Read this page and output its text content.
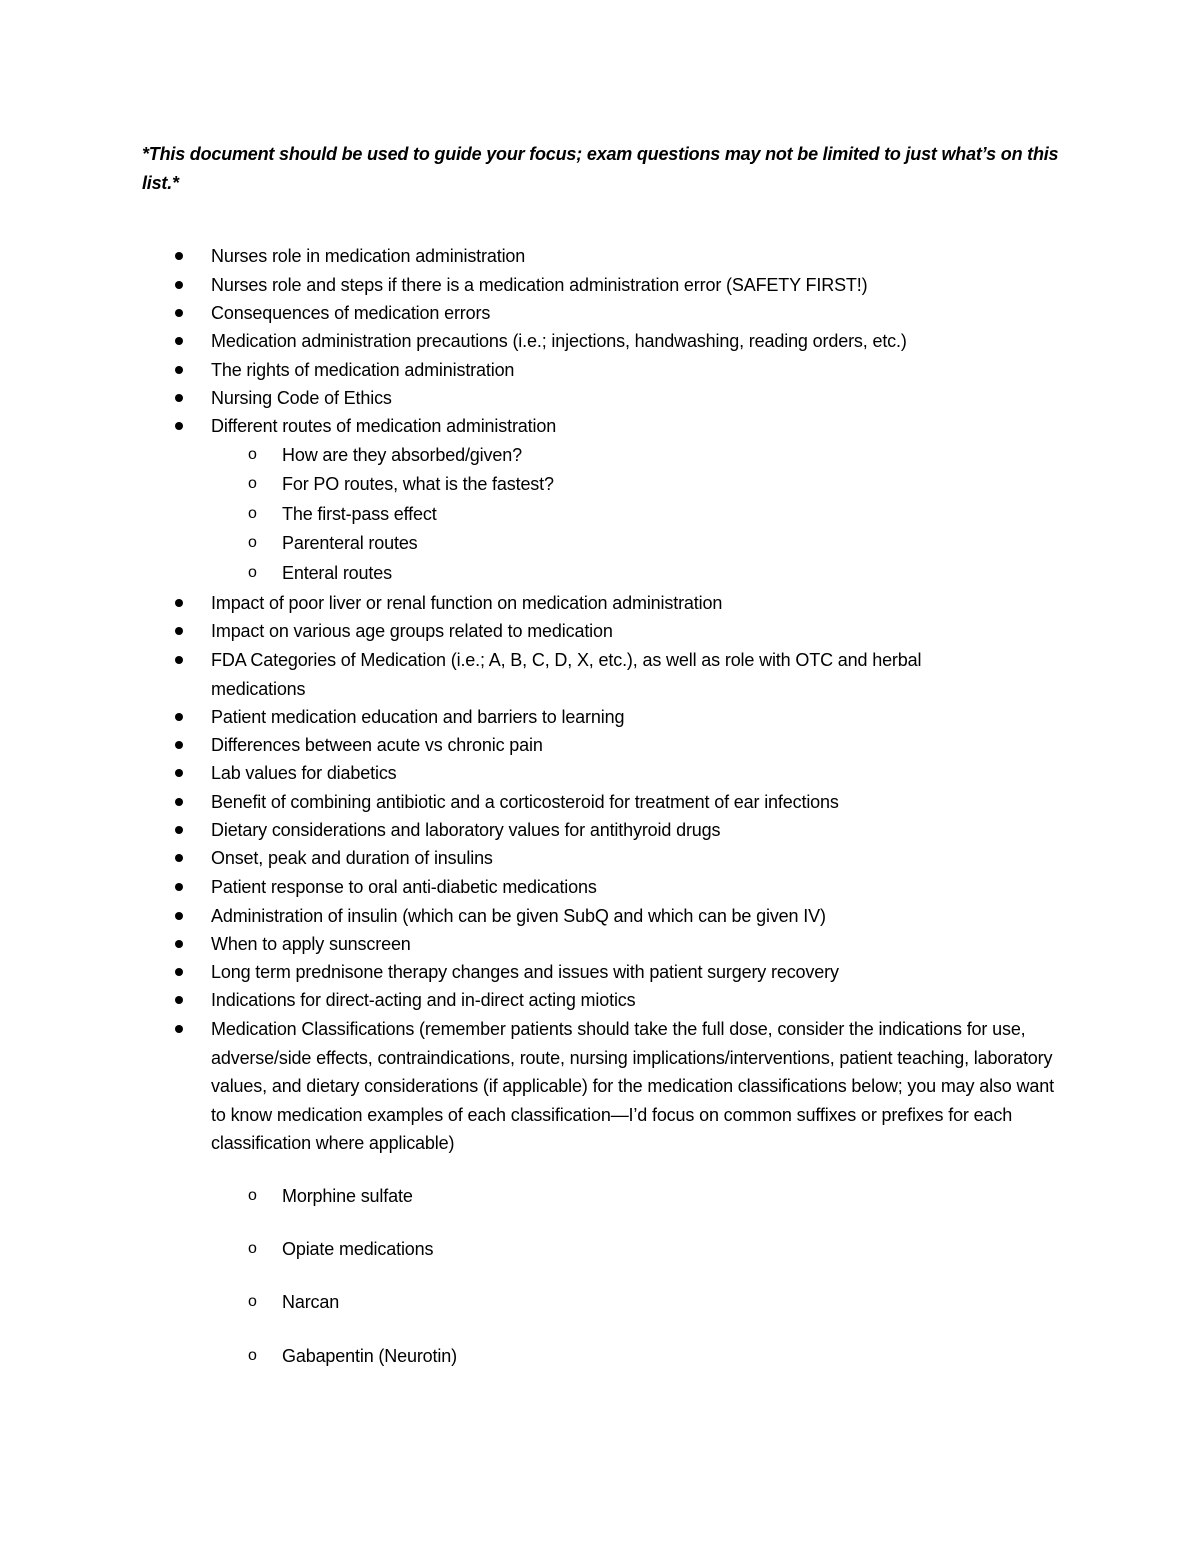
*This document should be used to guide your focus; exam questions may not be limited to just what’s on this list.*
Nurses role in medication administration
Nurses role and steps if there is a medication administration error (SAFETY FIRST!)
Consequences of medication errors
Medication administration precautions (i.e.; injections, handwashing, reading orders, etc.)
The rights of medication administration
Nursing Code of Ethics
Different routes of medication administration
o How are they absorbed/given?
o For PO routes, what is the fastest?
o The first-pass effect
o Parenteral routes
o Enteral routes
Impact of poor liver or renal function on medication administration
Impact on various age groups related to medication
FDA Categories of Medication (i.e.; A, B, C, D, X, etc.), as well as role with OTC and herbal medications
Patient medication education and barriers to learning
Differences between acute vs chronic pain
Lab values for diabetics
Benefit of combining antibiotic and a corticosteroid for treatment of ear infections
Dietary considerations and laboratory values for antithyroid drugs
Onset, peak and duration of insulins
Patient response to oral anti-diabetic medications
Administration of insulin (which can be given SubQ and which can be given IV)
When to apply sunscreen
Long term prednisone therapy changes and issues with patient surgery recovery
Indications for direct-acting and in-direct acting miotics
Medication Classifications (remember patients should take the full dose, consider the indications for use, adverse/side effects, contraindications, route, nursing implications/interventions, patient teaching, laboratory values, and dietary considerations (if applicable) for the medication classifications below; you may also want to know medication examples of each classification—I’d focus on common suffixes or prefixes for each classification where applicable)
o Morphine sulfate
o Opiate medications
o Narcan
o Gabapentin (Neurotin)
